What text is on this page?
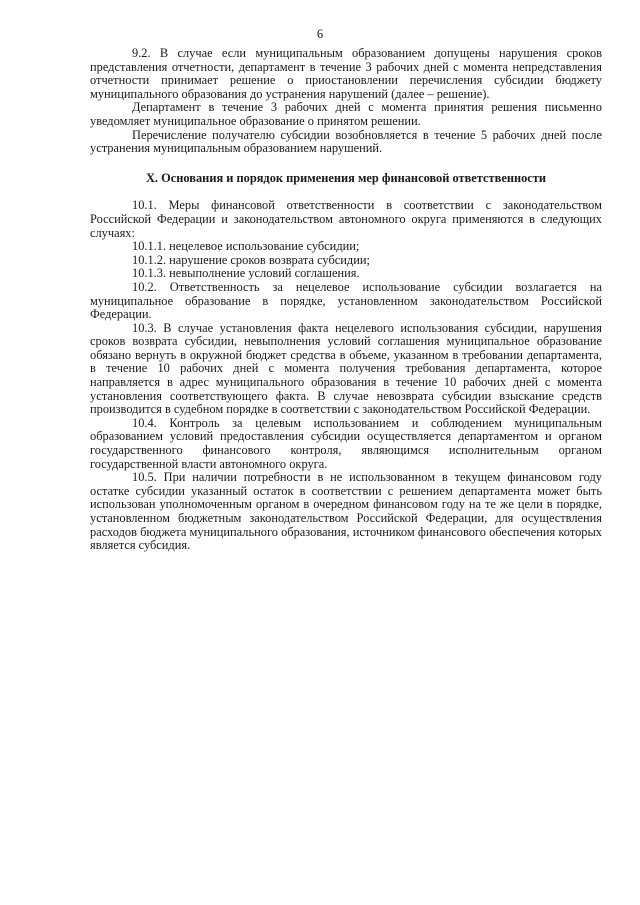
6

9.2. В случае если муниципальным образованием допущены нарушения сроков представления отчетности, департамент в течение 3 рабочих дней с момента непредставления отчетности принимает решение о приостановлении перечисления субсидии бюджету муниципального образования до устранения нарушений (далее – решение).

Департамент в течение 3 рабочих дней с момента принятия решения письменно уведомляет муниципальное образование о принятом решении.

Перечисление получателю субсидии возобновляется в течение 5 рабочих дней после устранения муниципальным образованием нарушений.

X. Основания и порядок применения мер финансовой ответственности

10.1. Меры финансовой ответственности в соответствии с законодательством Российской Федерации и законодательством автономного округа применяются в следующих случаях:

10.1.1. нецелевое использование субсидии;

10.1.2. нарушение сроков возврата субсидии;

10.1.3. невыполнение условий соглашения.

10.2. Ответственность за нецелевое использование субсидии возлагается на муниципальное образование в порядке, установленном законодательством Российской Федерации.

10.3. В случае установления факта нецелевого использования субсидии, нарушения сроков возврата субсидии, невыполнения условий соглашения муниципальное образование обязано вернуть в окружной бюджет средства в объеме, указанном в требовании департамента, в течение 10 рабочих дней с момента получения требования департамента, которое направляется в адрес муниципального образования в течение 10 рабочих дней с момента установления соответствующего факта. В случае невозврата субсидии взыскание средств производится в судебном порядке в соответствии с законодательством Российской Федерации.

10.4. Контроль за целевым использованием и соблюдением муниципальным образованием условий предоставления субсидии осуществляется департаментом и органом государственного финансового контроля, являющимся исполнительным органом государственной власти автономного округа.

10.5. При наличии потребности в не использованном в текущем финансовом году остатке субсидии указанный остаток в соответствии с решением департамента может быть использован уполномоченным органом в очередном финансовом году на те же цели в порядке, установленном бюджетным законодательством Российской Федерации, для осуществления расходов бюджета муниципального образования, источником финансового обеспечения которых является субсидия.
